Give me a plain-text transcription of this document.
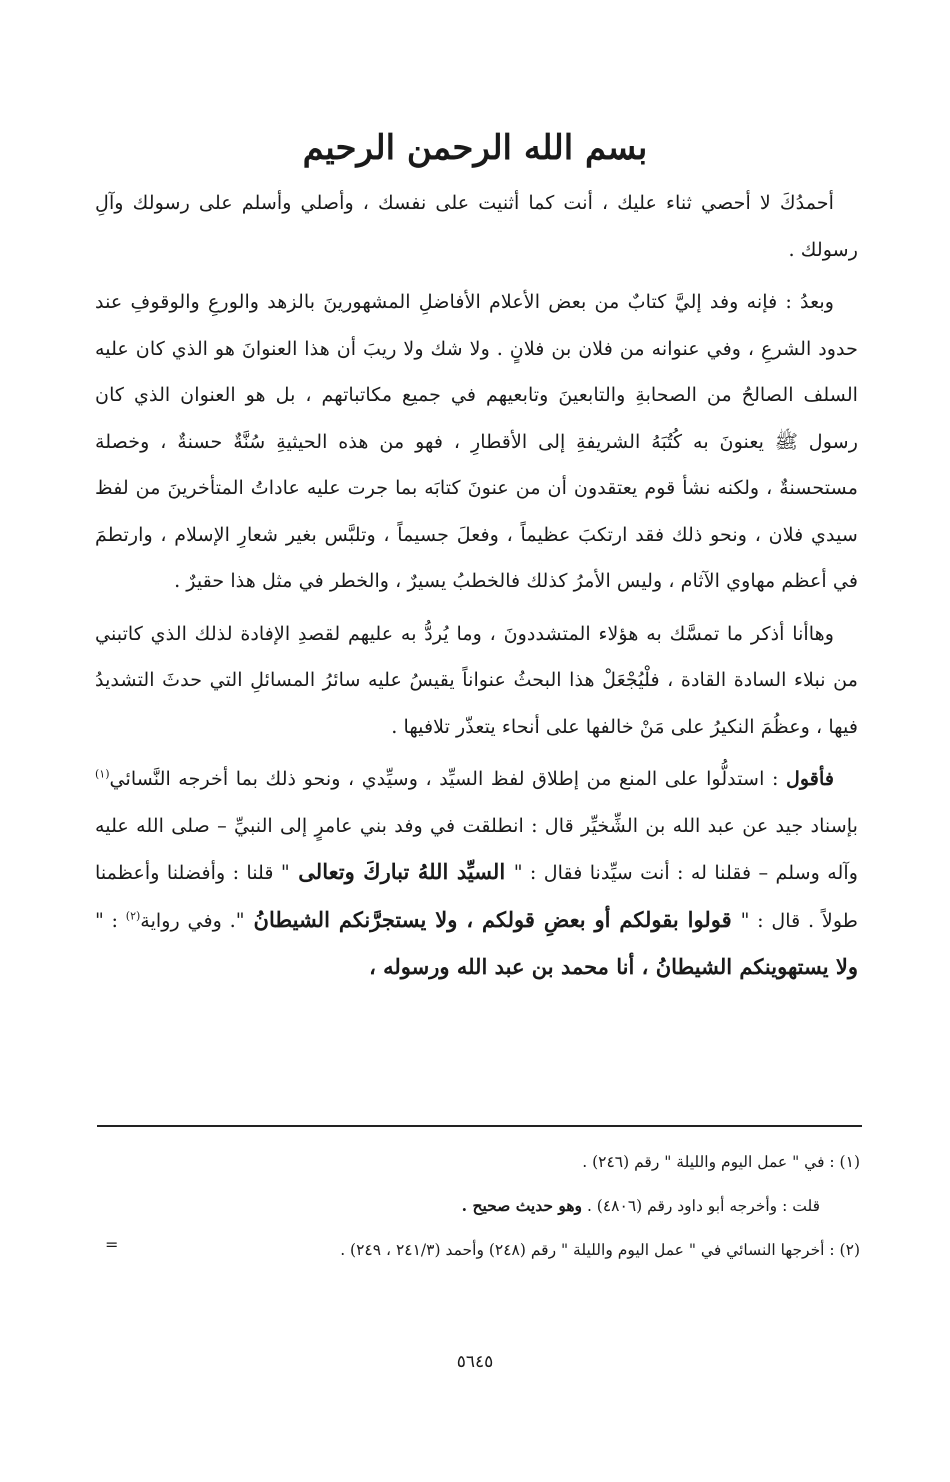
بسم الله الرحمن الرحيم

أحمدُكَ لا أحصي ثناء عليك ، أنت كما أثنيت على نفسك ، وأصلي وأسلم على رسولك وآلِ رسولك .

وبعدُ : فإنه وفد إليَّ كتابٌ من بعض الأعلام الأفاضلِ المشهورينَ بالزهد والورعِ والوقوفِ عند حدود الشرعِ ، وفي عنوانه من فلان بن فلانٍ . ولا شك ولا ريبَ أن هذا العنوانَ هو الذي كان عليه السلف الصالحُ من الصحابةِ والتابعينَ وتابعيهم في جميع مكاتباتهم ، بل هو العنوان الذي كان رسول ﷺ يعنونَ به كُتُبَهُ الشريفةِ إلى الأقطارِ ، فهو من هذه الحيثيةِ سُنَّةٌ حسنةٌ ، وخصلة مستحسنةٌ ، ولكنه نشأ قوم يعتقدون أن من عنونَ كتابَه بما جرت عليه عاداتُ المتأخرينَ من لفظ سيدي فلان ، ونحو ذلك فقد ارتكبَ عظيماً ، وفعلَ جسيماً ، وتلبَّس بغير شعارِ الإسلام ، وارتطمَ في أعظم مهاوي الآثام ، وليس الأمرُ كذلك فالخطبُ يسيرٌ ، والخطر في مثل هذا حقيرٌ .

وهاأنا أذكر ما تمسَّك به هؤلاء المتشددونَ ، وما يُردُّ به عليهم لقصدِ الإفادة لذلك الذي كاتبني من نبلاء السادة القادة ، فلْيُجْعَلْ هذا البحثُ عنواناً يقيسُ عليه سائرُ المسائلِ التي حدثَ التشديدُ فيها ، وعظُمَ النكيرُ على مَنْ خالفها على أنحاء يتعذّر تلافيها .

فأقول : استدلُّوا على المنع من إطلاق لفظ السيِّد ، وسيِّدي ، ونحو ذلك بما أخرجه النَّسائي$^{(١)}$ بإسناد جيد عن عبد الله بن الشِّخيِّر قال : انطلقت في وفد بني عامرٍ إلى النبيِّ – صلى الله عليه وآله وسلم – فقلنا له : أنت سيِّدنا فقال : " السيِّد اللهُ تباركَ وتعالى " قلنا : وأفضلنا وأعظمنا طولاً . قال : " قولوا بقولكم أو بعضِ قولكم ، ولا يستجرَّنكم الشيطانُ ". وفي رواية$^{(٢)}$ : " ولا يستهوينكم الشيطانُ ، أنا محمد بن عبد الله ورسوله ،

(١) : في " عمل اليوم والليلة " رقم (٢٤٦) .

قلت : وأخرجه أبو داود رقم (٤٨٠٦) . وهو حديث صحيح .

(٢) : أخرجها النسائي في " عمل اليوم والليلة " رقم (٢٤٨) وأحمد (٢٤١/٣ ، ٢٤٩) .

=
٥٦٤٥
